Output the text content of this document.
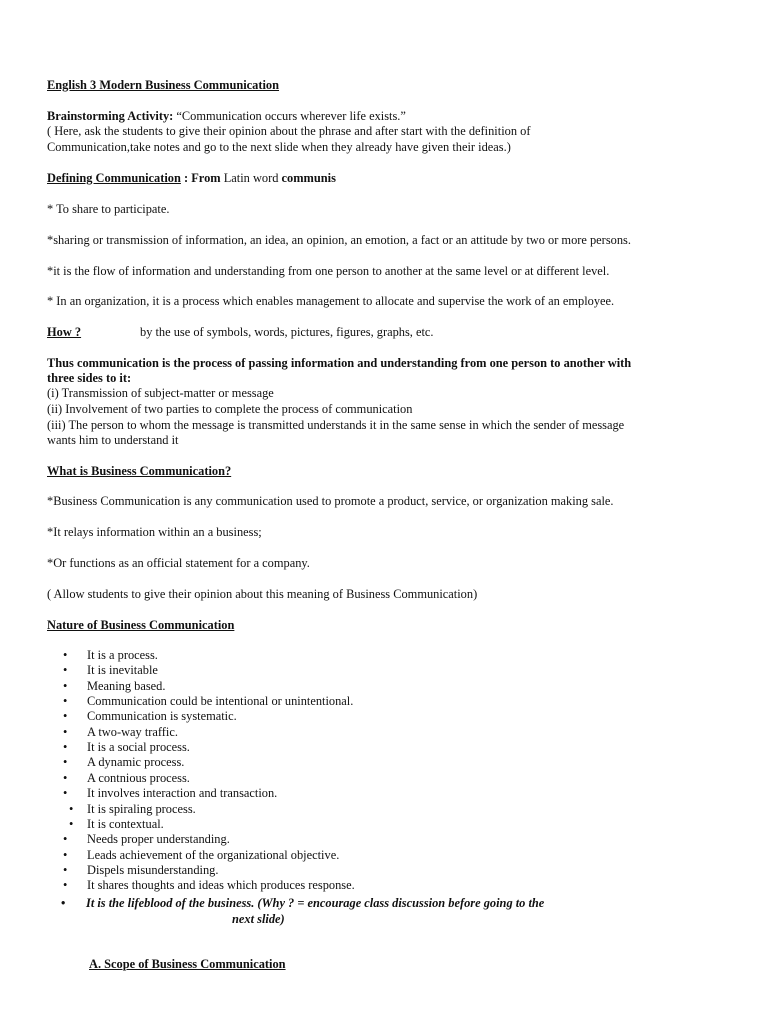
English 3 Modern Business Communication
Brainstorming Activity: “Communication occurs wherever life exists.”
( Here, ask the students to give their opinion about the phrase and after start with the definition of
Communication,take notes and go to the next slide when they already have given their ideas.)
Defining Communication : From Latin word communis
* To share to participate.
*sharing or transmission of information, an idea, an opinion, an emotion, a fact or an attitude by two or more persons.
*it is the flow of information and understanding from one person to another at the same level or at different level.
* In an organization, it is a process which enables management to allocate and supervise the work of an employee.
How ?	by the use of symbols, words, pictures, figures, graphs, etc.
Thus communication is the process of passing information and understanding from one person to another with
three sides to it:
(i) Transmission of subject-matter or message
(ii) Involvement of two parties to complete the process of communication
(iii) The person to whom the message is transmitted understands it in the same sense in which the sender of message
wants him to understand it
What is Business Communication?
*Business Communication is any communication used to promote a product, service, or organization making sale.
*It relays information within an a business;
*Or functions as an official statement for a company.
( Allow students to give their opinion about this meaning of Business Communication)
Nature of Business Communication
• It is a process.
• It is inevitable
• Meaning based.
• Communication could be intentional or unintentional.
• Communication is systematic.
• A two-way traffic.
• It is a social process.
• A dynamic process.
• A contnious process.
• It involves interaction and transaction.
• It is spiraling process.
• It is contextual.
• Needs proper understanding.
• Leads achievement of the organizational objective.
• Dispels misunderstanding.
• It shares thoughts and ideas which produces response.
• It is the lifeblood of the business. (Why ? = encourage class discussion before going to the
next slide)
A. Scope of Business Communication
